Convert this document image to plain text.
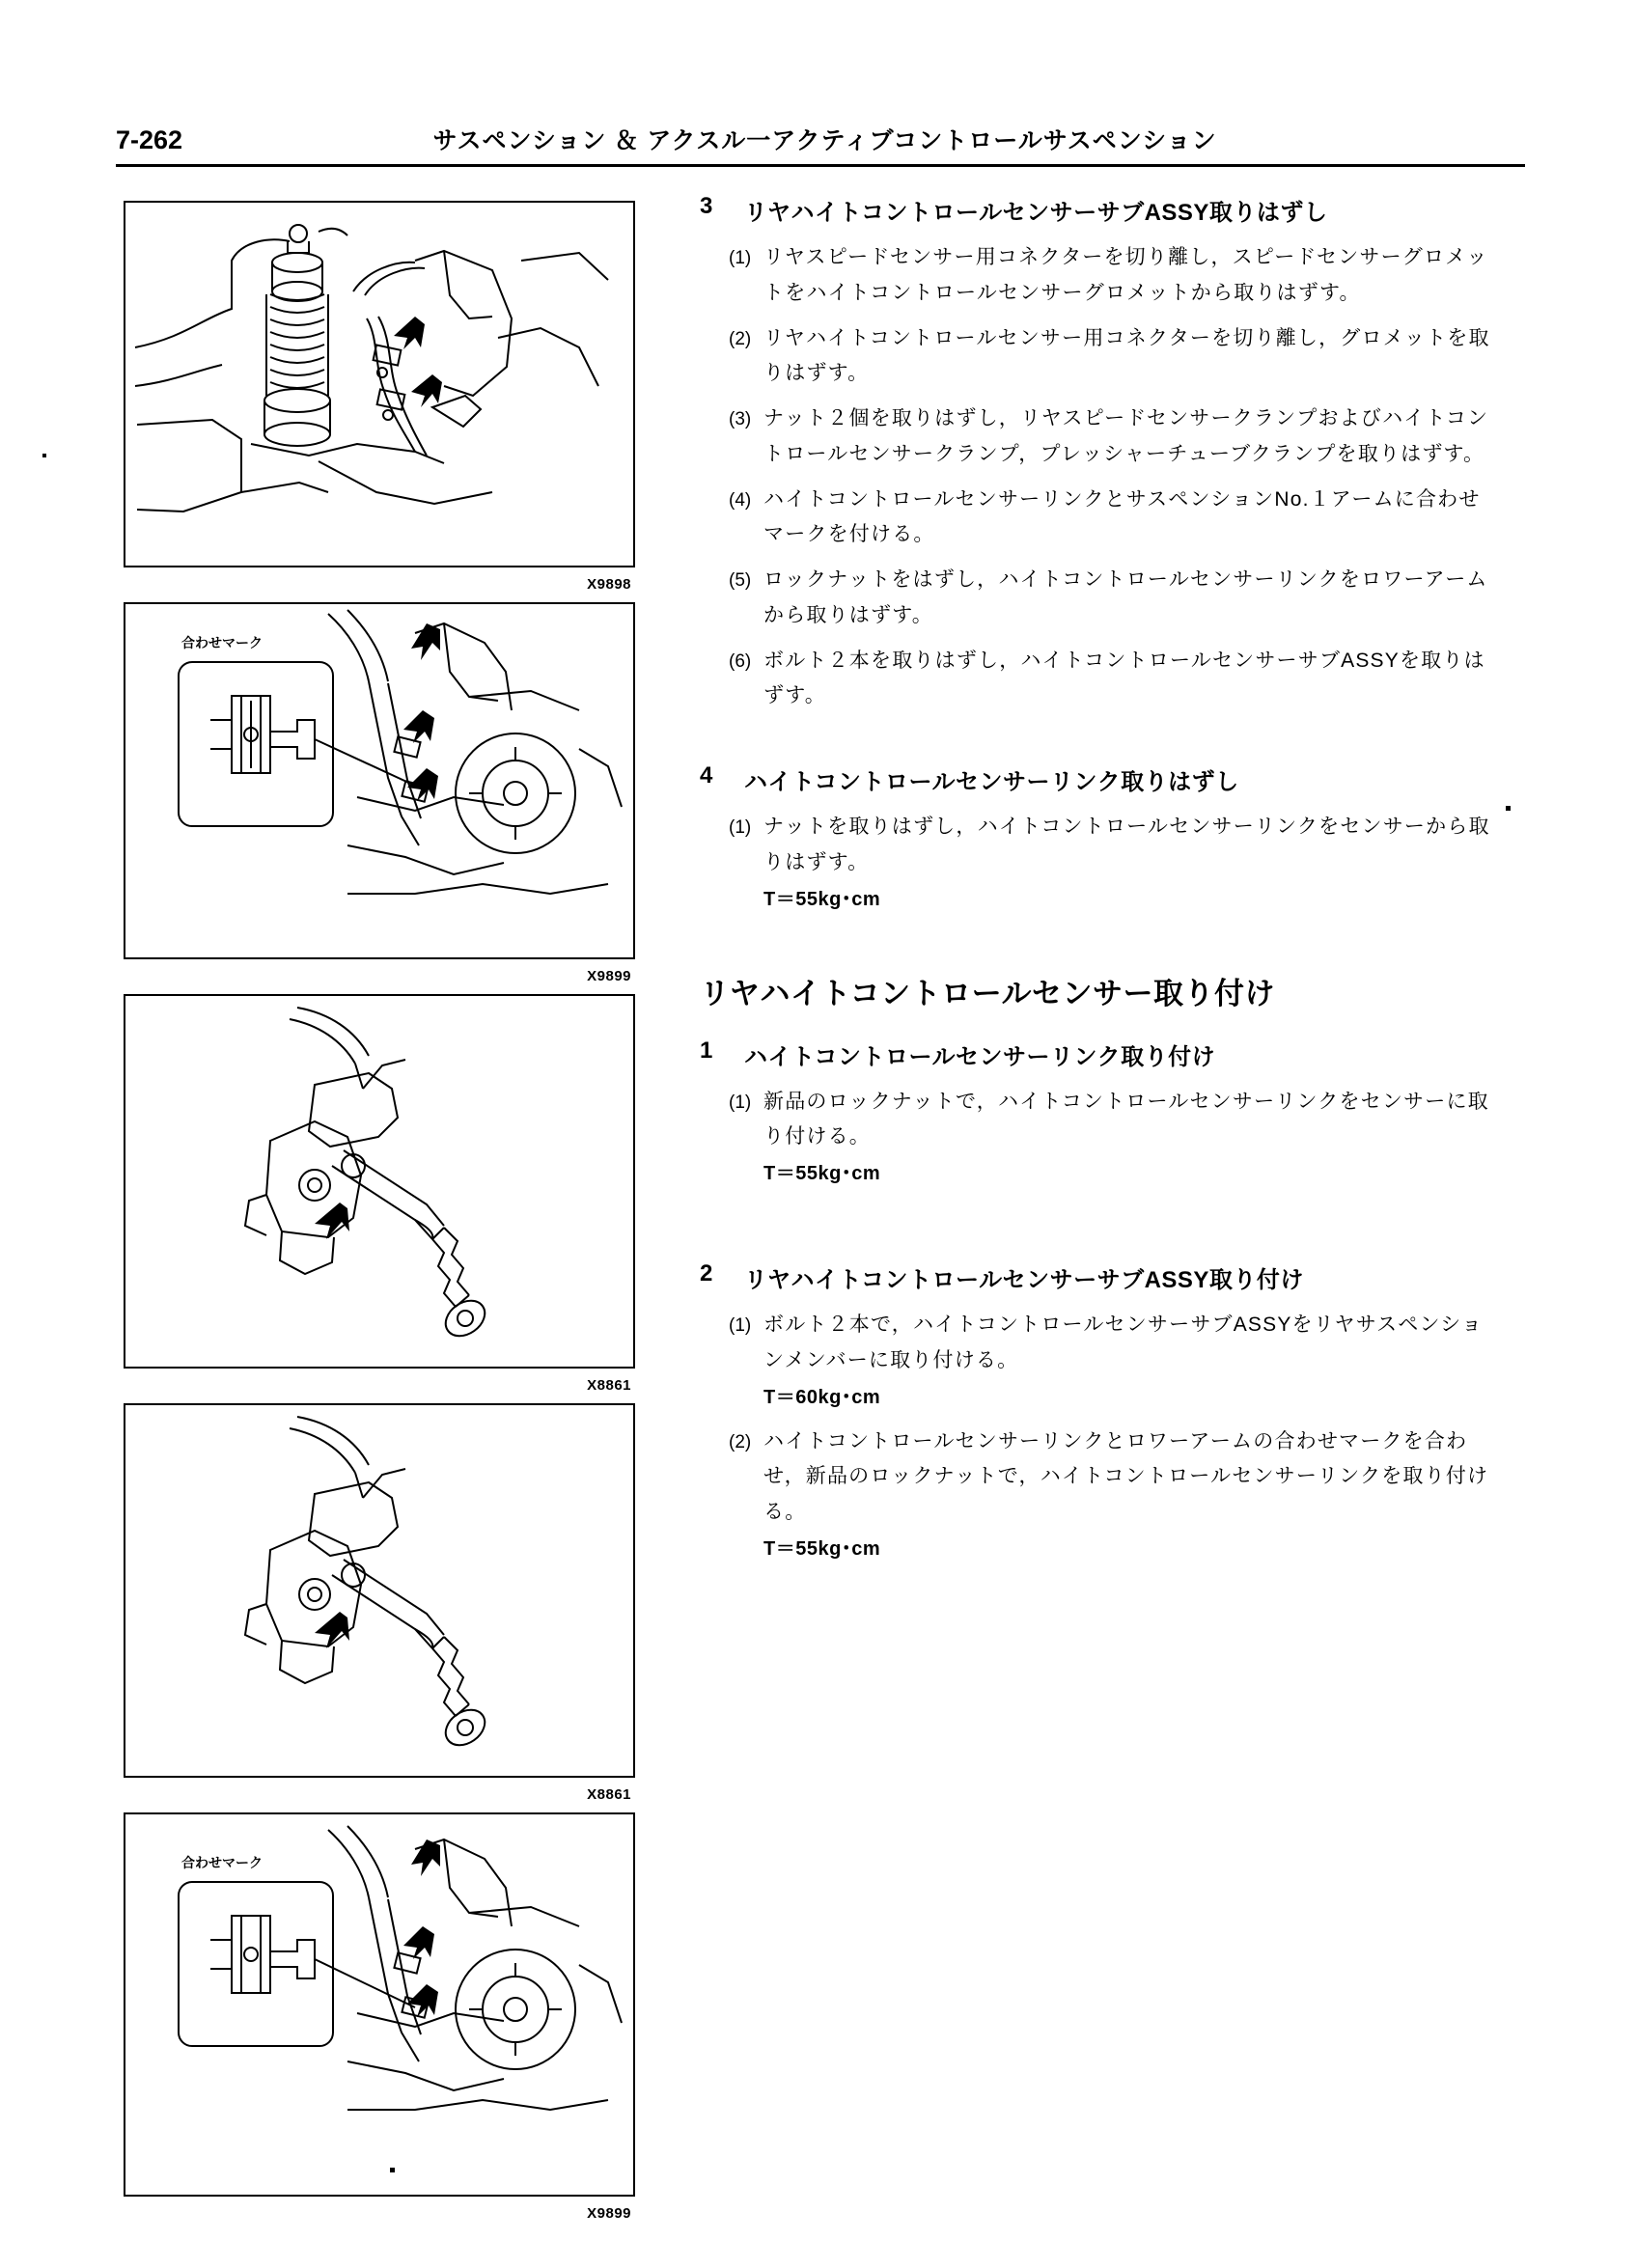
7-262	サスペンション ＆ アクスル一アクティブコントロールサスペンション
X9898
合わせマーク
X9899
X8861
X8861
合わせマーク
X9899
3	リヤハイトコントロールセンサーサブASSY取りはずし
(1) リヤスピードセンサー用コネクターを切り離し，スピードセンサーグロメットをハイトコントロールセンサーグロメットから取りはずす。
(2) リヤハイトコントロールセンサー用コネクターを切り離し，グロメットを取りはずす。
(3) ナット２個を取りはずし，リヤスピードセンサークランプおよびハイトコントロールセンサークランプ，プレッシャーチューブクランプを取りはずす。
(4) ハイトコントロールセンサーリンクとサスペンションNo.１アームに合わせマークを付ける。
(5) ロックナットをはずし，ハイトコントロールセンサーリンクをロワーアームから取りはずす。
(6) ボルト２本を取りはずし，ハイトコントロールセンサーサブASSYを取りはずす。
4	ハイトコントロールセンサーリンク取りはずし
(1) ナットを取りはずし，ハイトコントロールセンサーリンクをセンサーから取りはずす。
T＝55kg･cm
リヤハイトコントロールセンサー取り付け
1	ハイトコントロールセンサーリンク取り付け
(1) 新品のロックナットで，ハイトコントロールセンサーリンクをセンサーに取り付ける。
T＝55kg･cm
2	リヤハイトコントロールセンサーサブASSY取り付け
(1) ボルト２本で，ハイトコントロールセンサーサブASSYをリヤサスペンションメンバーに取り付ける。
T＝60kg･cm
(2) ハイトコントロールセンサーリンクとロワーアームの合わせマークを合わせ，新品のロックナットで，ハイトコントロールセンサーリンクを取り付ける。
T＝55kg･cm
